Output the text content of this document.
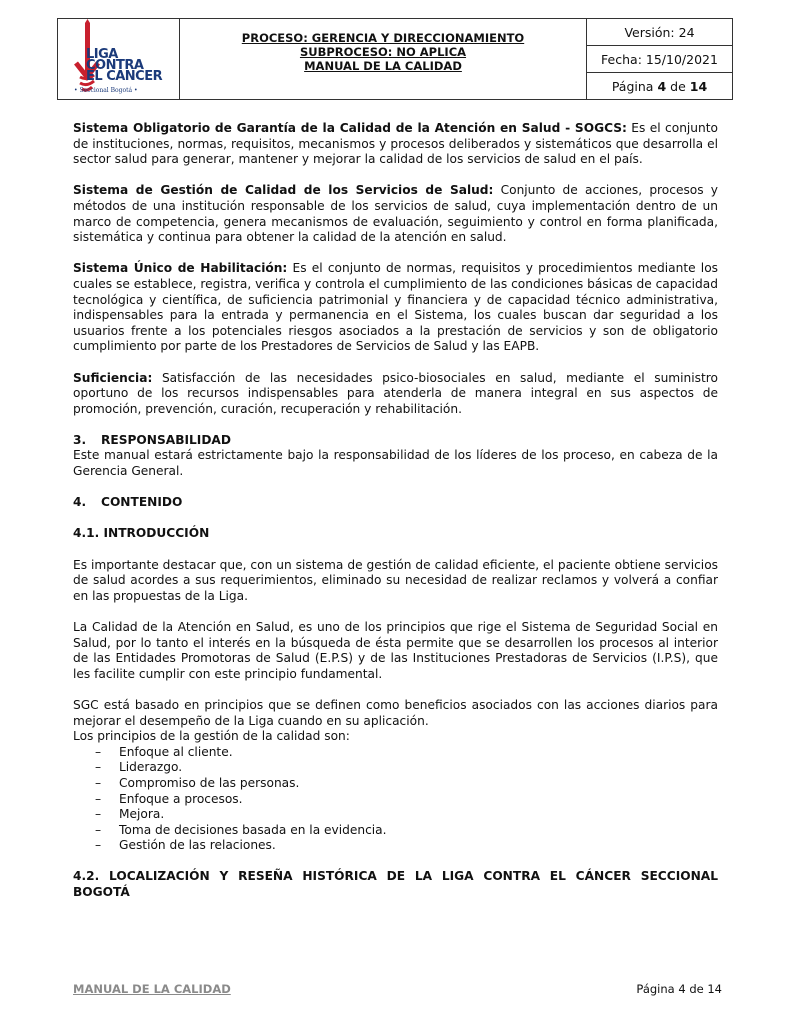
LIGA
CONTRA
EL CANCER
• Seccional Bogotá •
PROCESO: GERENCIA Y DIRECCIONAMIENTO
SUBPROCESO: NO APLICA
MANUAL DE LA CALIDAD
Versión: 24
Fecha: 15/10/2021
Página
4
de
14

Sistema Obligatorio de Garantía de la Calidad de la Atención en Salud - SOGCS: Es el conjunto de instituciones, normas, requisitos, mecanismos y procesos deliberados y sistemáticos que desarrolla el sector salud para generar, mantener y mejorar la calidad de los servicios de salud en el país.

Sistema de Gestión de Calidad de los Servicios de Salud: Conjunto de acciones, procesos y métodos de una institución responsable de los servicios de salud, cuya implementación dentro de un marco de competencia, genera mecanismos de evaluación, seguimiento y control en forma planificada, sistemática y continua para obtener la calidad de la atención en salud.

Sistema Único de Habilitación: Es el conjunto de normas, requisitos y procedimientos mediante los cuales se establece, registra, verifica y controla el cumplimiento de las condiciones básicas de capacidad tecnológica y científica, de suficiencia patrimonial y financiera y de capacidad técnico administrativa, indispensables para la entrada y permanencia en el Sistema, los cuales buscan dar seguridad a los usuarios frente a los potenciales riesgos asociados a la prestación de servicios y son de obligatorio cumplimiento por parte de los Prestadores de Servicios de Salud y las EAPB.

Suficiencia: Satisfacción de las necesidades psico-biosociales en salud, mediante el suministro oportuno de los recursos indispensables para atenderla de manera integral en sus aspectos de promoción, prevención, curación, recuperación y rehabilitación.

3. RESPONSABILIDAD

Este manual estará estrictamente bajo la responsabilidad de los líderes de los proceso, en cabeza de la Gerencia General.

4. CONTENIDO

4.1. INTRODUCCIÓN

Es importante destacar que, con un sistema de gestión de calidad eficiente, el paciente obtiene servicios de salud acordes a sus requerimientos, eliminado su necesidad de realizar reclamos y volverá a confiar en las propuestas de la Liga.

La Calidad de la Atención en Salud, es uno de los principios que rige el Sistema de Seguridad Social en Salud, por lo tanto el interés en la búsqueda de ésta permite que se desarrollen los procesos al interior de las Entidades Promotoras de Salud (E.P.S) y de las Instituciones Prestadoras de Servicios (I.P.S), que les facilite cumplir con este principio fundamental.

SGC está basado en principios que se definen como beneficios asociados con las acciones diarios para mejorar el desempeño de la Liga cuando en su aplicación.
Los principios de la gestión de la calidad son:
– Enfoque al cliente.
– Liderazgo.
– Compromiso de las personas.
– Enfoque a procesos.
– Mejora.
– Toma de decisiones basada en la evidencia.
– Gestión de las relaciones.

4.2. LOCALIZACIÓN Y RESEÑA HISTÓRICA DE LA LIGA CONTRA EL CÁNCER SECCIONAL BOGOTÁ

MANUAL DE LA CALIDAD	Página 4 de 14
